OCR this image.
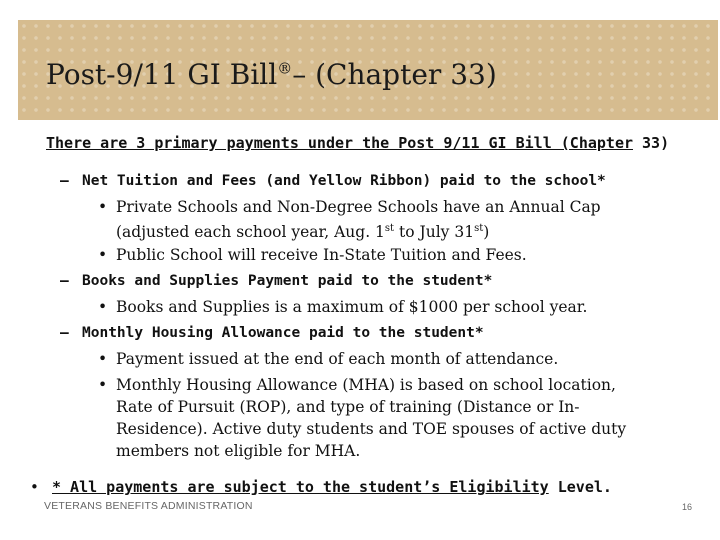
Post-9/11 GI Bill®– (Chapter 33)
There are 3 primary payments under the Post 9/11 GI Bill (Chapter 33)
– Net Tuition and Fees (and Yellow Ribbon) paid to the school*
• Private Schools and Non-Degree Schools have an Annual Cap
(adjusted each school year, Aug. 1st to July 31st)
• Public School will receive In-State Tuition and Fees.
– Books and Supplies Payment paid to the student*
• Books and Supplies is a maximum of $1000 per school year.
– Monthly Housing Allowance paid to the student*
• Payment issued at the end of each month of attendance.
• Monthly Housing Allowance (MHA) is based on school location,
Rate of Pursuit (ROP), and type of training (Distance or In-
Residence). Active duty students and TOE spouses of active duty
members not eligible for MHA.
• * All payments are subject to the student’s Eligibility Level.
VETERANS BENEFITS ADMINISTRATION	16
